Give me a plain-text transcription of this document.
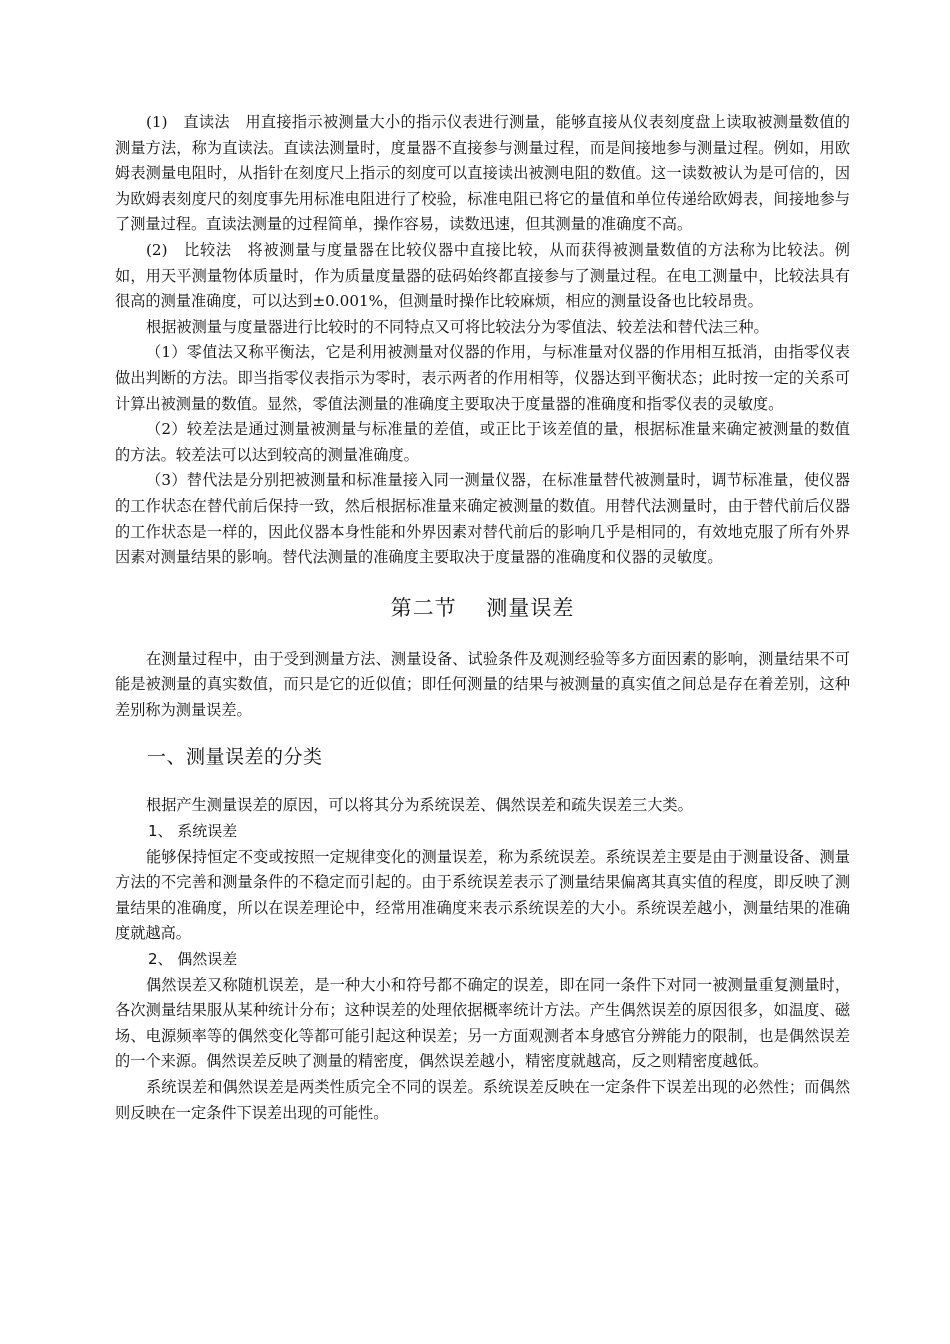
(1)　直读法　用直接指示被测量大小的指示仪表进行测量，能够直接从仪表刻度盘上读取被测量数值的测量方法，称为直读法。直读法测量时，度量器不直接参与测量过程，而是间接地参与测量过程。例如，用欧姆表测量电阻时，从指针在刻度尺上指示的刻度可以直接读出被测电阻的数值。这一读数被认为是可信的，因为欧姆表刻度尺的刻度事先用标准电阻进行了校验，标准电阻已将它的量值和单位传递给欧姆表，间接地参与了测量过程。直读法测量的过程简单，操作容易，读数迅速，但其测量的准确度不高。

(2)　比较法　将被测量与度量器在比较仪器中直接比较，从而获得被测量数值的方法称为比较法。例如，用天平测量物体质量时，作为质量度量器的砝码始终都直接参与了测量过程。在电工测量中，比较法具有很高的测量准确度，可以达到±0.001%，但测量时操作比较麻烦，相应的测量设备也比较昂贵。

根据被测量与度量器进行比较时的不同特点又可将比较法分为零值法、较差法和替代法三种。

（1）零值法又称平衡法，它是利用被测量对仪器的作用，与标准量对仪器的作用相互抵消，由指零仪表做出判断的方法。即当指零仪表指示为零时，表示两者的作用相等，仪器达到平衡状态；此时按一定的关系可计算出被测量的数值。显然，零值法测量的准确度主要取决于度量器的准确度和指零仪表的灵敏度。

（2）较差法是通过测量被测量与标准量的差值，或正比于该差值的量，根据标准量来确定被测量的数值的方法。较差法可以达到较高的测量准确度。

（3）替代法是分别把被测量和标准量接入同一测量仪器，在标准量替代被测量时，调节标准量，使仪器的工作状态在替代前后保持一致，然后根据标准量来确定被测量的数值。用替代法测量时，由于替代前后仪器的工作状态是一样的，因此仪器本身性能和外界因素对替代前后的影响几乎是相同的，有效地克服了所有外界因素对测量结果的影响。替代法测量的准确度主要取决于度量器的准确度和仪器的灵敏度。

第二节　 测量误差

在测量过程中，由于受到测量方法、测量设备、试验条件及观测经验等多方面因素的影响，测量结果不可能是被测量的真实数值，而只是它的近似值；即任何测量的结果与被测量的真实值之间总是存在着差别，这种差别称为测量误差。

一、测量误差的分类

根据产生测量误差的原因，可以将其分为系统误差、偶然误差和疏失误差三大类。

1、 系统误差

能够保持恒定不变或按照一定规律变化的测量误差，称为系统误差。系统误差主要是由于测量设备、测量方法的不完善和测量条件的不稳定而引起的。由于系统误差表示了测量结果偏离其真实值的程度，即反映了测量结果的准确度，所以在误差理论中，经常用准确度来表示系统误差的大小。系统误差越小，测量结果的准确度就越高。

2、 偶然误差

偶然误差又称随机误差，是一种大小和符号都不确定的误差，即在同一条件下对同一被测量重复测量时，各次测量结果服从某种统计分布；这种误差的处理依据概率统计方法。产生偶然误差的原因很多，如温度、磁场、电源频率等的偶然变化等都可能引起这种误差；另一方面观测者本身感官分辨能力的限制，也是偶然误差的一个来源。偶然误差反映了测量的精密度，偶然误差越小，精密度就越高，反之则精密度越低。

系统误差和偶然误差是两类性质完全不同的误差。系统误差反映在一定条件下误差出现的必然性；而偶然则反映在一定条件下误差出现的可能性。
